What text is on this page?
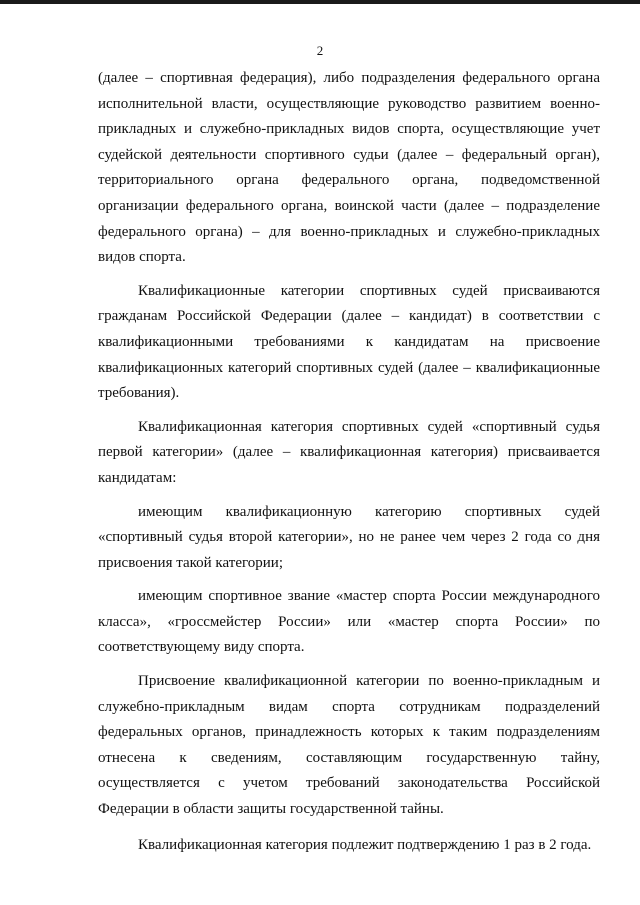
2

(далее – спортивная федерация), либо подразделения федерального органа исполнительной власти, осуществляющие руководство развитием военно-прикладных и служебно-прикладных видов спорта, осуществляющие учет судейской деятельности спортивного судьи (далее – федеральный орган), территориального органа федерального органа, подведомственной организации федерального органа, воинской части (далее – подразделение федерального органа) – для военно-прикладных и служебно-прикладных видов спорта.

Квалификационные категории спортивных судей присваиваются гражданам Российской Федерации (далее – кандидат) в соответствии с квалификационными требованиями к кандидатам на присвоение квалификационных категорий спортивных судей (далее – квалификационные требования).

Квалификационная категория спортивных судей «спортивный судья первой категории» (далее – квалификационная категория) присваивается кандидатам:

имеющим квалификационную категорию спортивных судей «спортивный судья второй категории», но не ранее чем через 2 года со дня присвоения такой категории;

имеющим спортивное звание «мастер спорта России международного класса», «гроссмейстер России» или «мастер спорта России» по соответствующему виду спорта.

Присвоение квалификационной категории по военно-прикладным и служебно-прикладным видам спорта сотрудникам подразделений федеральных органов, принадлежность которых к таким подразделениям отнесена к сведениям, составляющим государственную тайну, осуществляется с учетом требований законодательства Российской Федерации в области защиты государственной тайны.

Квалификационная категория подлежит подтверждению 1 раз в 2 года.
